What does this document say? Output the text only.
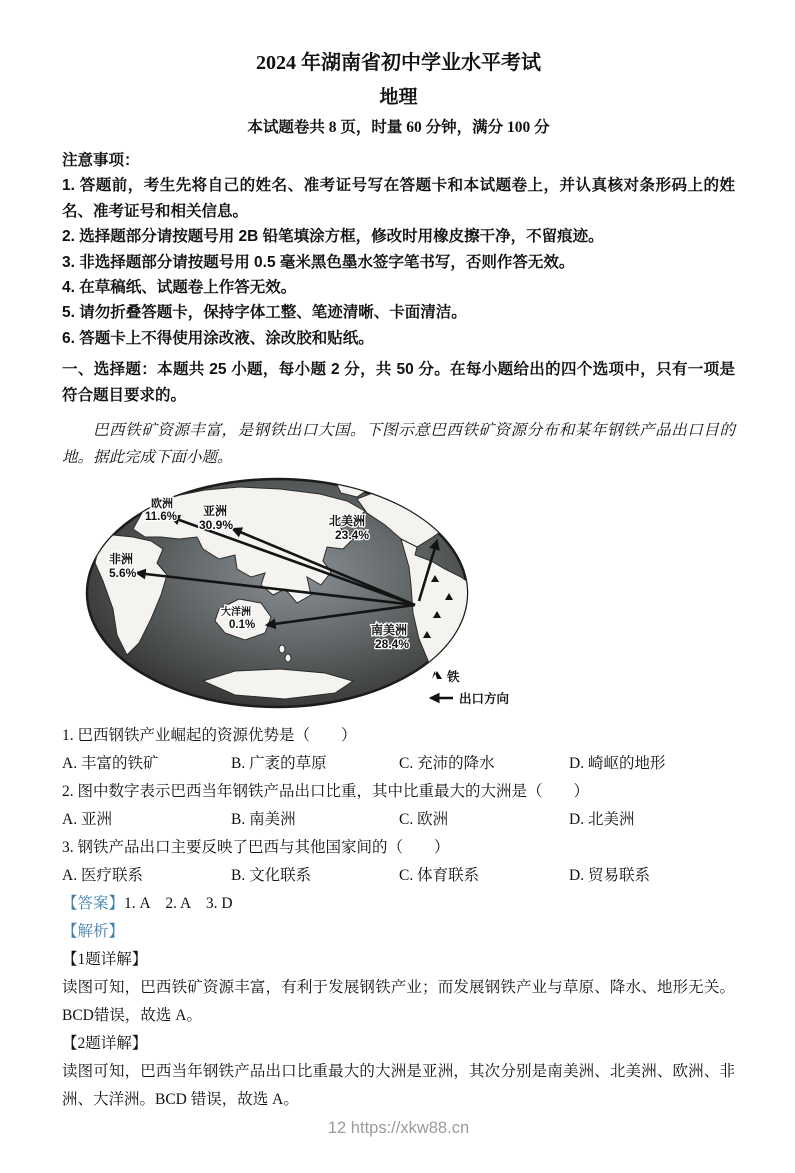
2024 年湖南省初中学业水平考试
地理
本试题卷共 8 页，时量 60 分钟，满分 100 分
注意事项：
1. 答题前，考生先将自己的姓名、准考证号写在答题卡和本试题卷上，并认真核对条形码上的姓名、准考证号和相关信息。
2. 选择题部分请按题号用 2B 铅笔填涂方框，修改时用橡皮擦干净，不留痕迹。
3. 非选择题部分请按题号用 0.5 毫米黑色墨水签字笔书写，否则作答无效。
4. 在草稿纸、试题卷上作答无效。
5. 请勿折叠答题卡，保持字体工整、笔迹清晰、卡面清洁。
6. 答题卡上不得使用涂改液、涂改胶和贴纸。
一、选择题：本题共 25 小题，每小题 2 分，共 50 分。在每小题给出的四个选项中，只有一项是符合题目要求的。
巴西铁矿资源丰富，是钢铁出口大国。下图示意巴西铁矿资源分布和某年钢铁产品出口目的地。据此完成下面小题。
欧洲
11.6% 亚洲
30.9%	北美洲
23.4%
非洲
5.6%
大洋洲
0.1%	南美洲
28.4%
铁
出口方向

1. 巴西钢铁产业崛起的资源优势是（　　）

A. 丰富的铁矿	B. 广袤的草原	C. 充沛的降水	D. 崎岖的地形

2. 图中数字表示巴西当年钢铁产品出口比重，其中比重最大的大洲是（　　）

A. 亚洲	B. 南美洲	C. 欧洲	D. 北美洲

3. 钢铁产品出口主要反映了巴西与其他国家间的（　　）

A. 医疗联系	B. 文化联系	C. 体育联系	D. 贸易联系
【答案】1. A　2. A　3. D
【解析】
【1题详解】

读图可知，巴西铁矿资源丰富，有利于发展钢铁产业；而发展钢铁产业与草原、降水、地形无关。BCD错误，故选 A。

【2题详解】

读图可知，巴西当年钢铁产品出口比重最大的大洲是亚洲，其次分别是南美洲、北美洲、欧洲、非洲、大洋洲。BCD 错误，故选 A。

12 https://xkw88.cn
